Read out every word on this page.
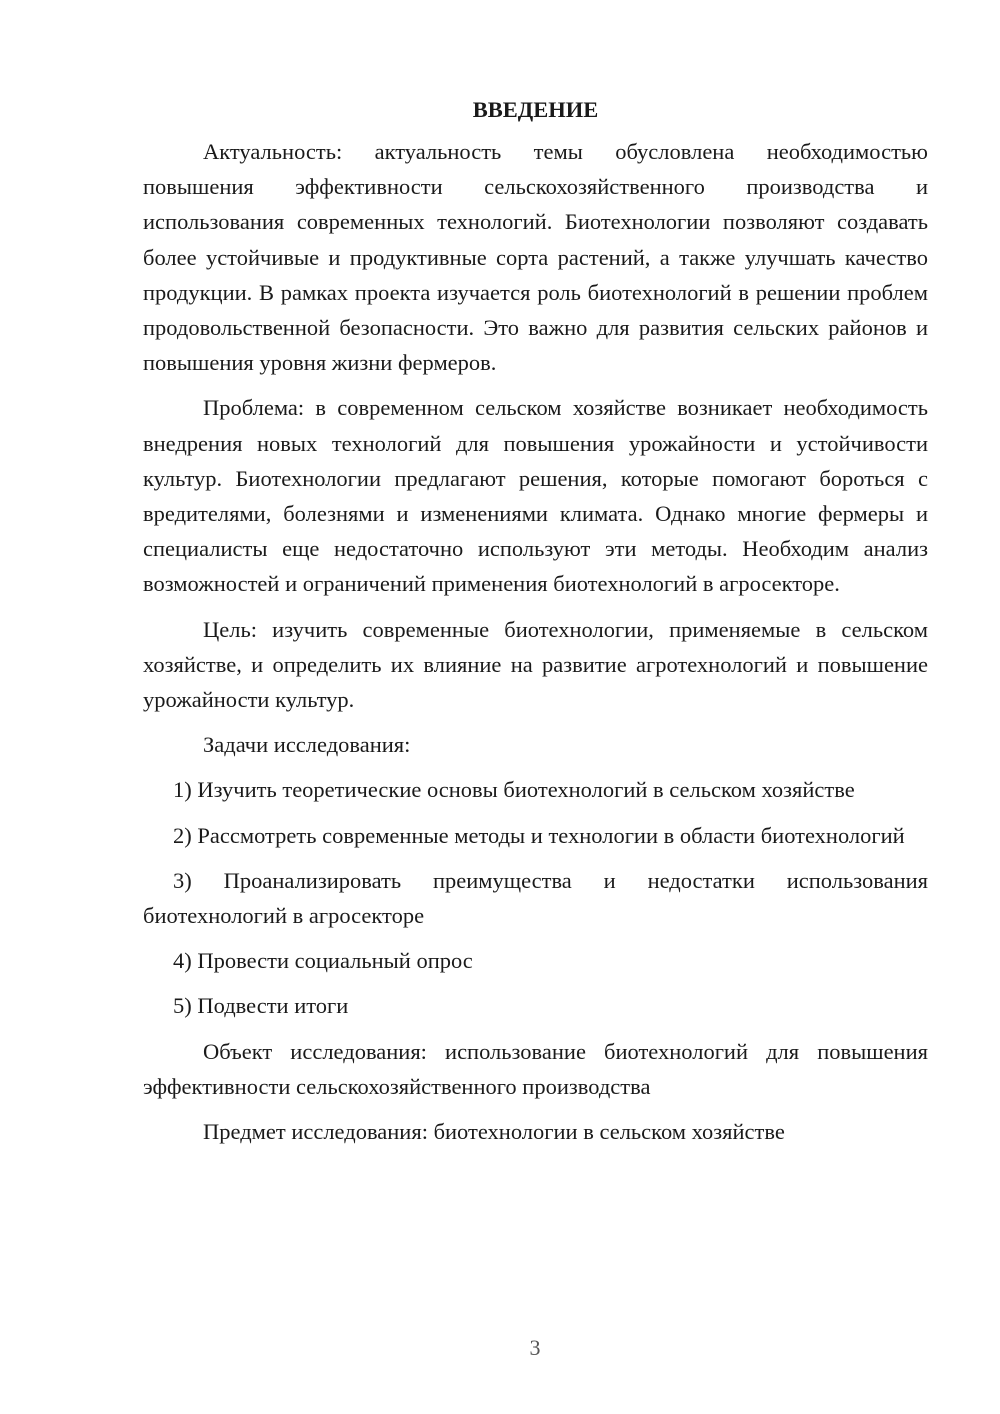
ВВЕДЕНИЕ

Актуальность: актуальность темы обусловлена необходимостью повышения эффективности сельскохозяйственного производства и использования современных технологий. Биотехнологии позволяют создавать более устойчивые и продуктивные сорта растений, а также улучшать качество продукции. В рамках проекта изучается роль биотехнологий в решении проблем продовольственной безопасности. Это важно для развития сельских районов и повышения уровня жизни фермеров.

Проблема: в современном сельском хозяйстве возникает необходимость внедрения новых технологий для повышения урожайности и устойчивости культур. Биотехнологии предлагают решения, которые помогают бороться с вредителями, болезнями и изменениями климата. Однако многие фермеры и специалисты еще недостаточно используют эти методы. Необходим анализ возможностей и ограничений применения биотехнологий в агросекторе.

Цель: изучить современные биотехнологии, применяемые в сельском хозяйстве, и определить их влияние на развитие агротехнологий и повышение урожайности культур.

Задачи исследования:

1) Изучить теоретические основы биотехнологий в сельском хозяйстве

2) Рассмотреть современные методы и технологии в области биотехнологий

3) Проанализировать преимущества и недостатки использования биотехнологий в агросекторе

4) Провести социальный опрос

5) Подвести итоги

Объект исследования: использование биотехнологий для повышения эффективности сельскохозяйственного производства

Предмет исследования: биотехнологии в сельском хозяйстве

3
